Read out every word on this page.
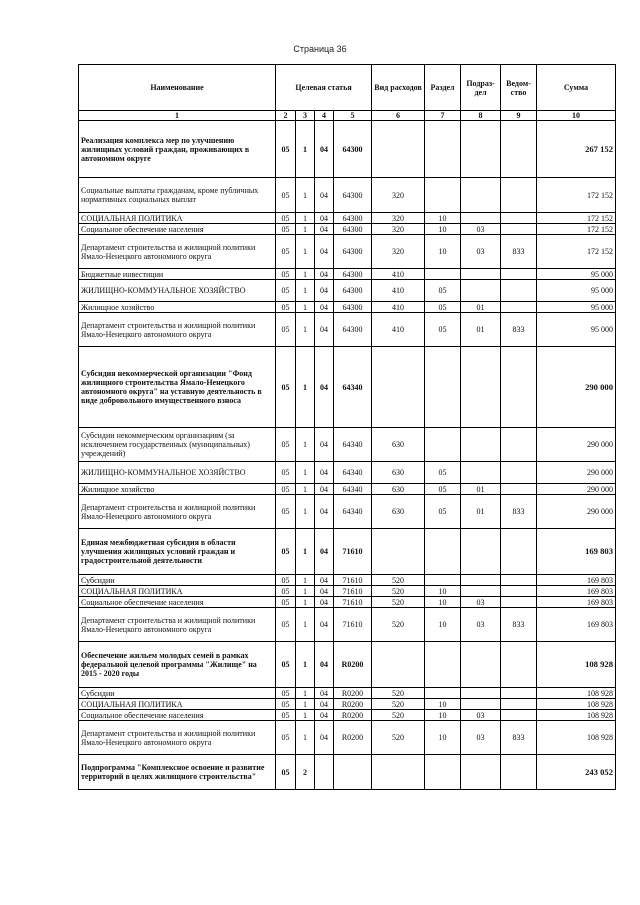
Страница 36
Наименование	Целевая статья				Вид расходов	Раздел	Подраз-дел	Ведом-ство	Сумма
1	2	3	4	5	6	7	8	9	10
Реализация комплекса мер по улучшению жилищных условий граждан, проживающих в автономном округе	05	1	04	64300					267 152
Социальные выплаты гражданам, кроме публичных нормативных социальных выплат	05	1	04	64300	320				172 152
СОЦИАЛЬНАЯ ПОЛИТИКА	05	1	04	64300	320	10			172 152
Социальное обеспечение населения	05	1	04	64300	320	10	03		172 152
Департамент строительства и жилищной политики Ямало-Ненецкого автономного округа	05	1	04	64300	320	10	03	833	172 152
Бюджетные инвестиции	05	1	04	64300	410				95 000
ЖИЛИЩНО-КОММУНАЛЬНОЕ ХОЗЯЙСТВО	05	1	04	64300	410	05			95 000
Жилищное хозяйство	05	1	04	64300	410	05	01		95 000
Департамент строительства и жилищной политики Ямало-Ненецкого автономного округа	05	1	04	64300	410	05	01	833	95 000
Субсидия некоммерческой организации "Фонд жилищного строительства Ямало-Ненецкого автономного округа" на уставную деятельность в виде добровольного имущественного взноса	05	1	04	64340					290 000
Субсидии некоммерческим организациям (за исключением государственных (муниципальных) учреждений)	05	1	04	64340	630				290 000
ЖИЛИЩНО-КОММУНАЛЬНОЕ ХОЗЯЙСТВО	05	1	04	64340	630	05			290 000
Жилищное хозяйство	05	1	04	64340	630	05	01		290 000
Департамент строительства и жилищной политики Ямало-Ненецкого автономного округа	05	1	04	64340	630	05	01	833	290 000
Единая межбюджетная субсидия в области улучшения жилищных условий граждан и градостроительной деятельности	05	1	04	71610					169 803
Субсидии	05	1	04	71610	520				169 803
СОЦИАЛЬНАЯ ПОЛИТИКА	05	1	04	71610	520	10			169 803
Социальное обеспечение населения	05	1	04	71610	520	10	03		169 803
Департамент строительства и жилищной политики Ямало-Ненецкого автономного округа	05	1	04	71610	520	10	03	833	169 803
Обеспечение жильем молодых семей в рамках федеральной целевой программы "Жилище" на 2015 - 2020 годы	05	1	04	R0200					108 928
Субсидии	05	1	04	R0200	520				108 928
СОЦИАЛЬНАЯ ПОЛИТИКА	05	1	04	R0200	520	10			108 928
Социальное обеспечение населения	05	1	04	R0200	520	10	03		108 928
Департамент строительства и жилищной политики Ямало-Ненецкого автономного округа	05	1	04	R0200	520	10	03	833	108 928
Подпрограмма "Комплексное освоение и развитие территорий в целях жилищного строительства"	05	2							243 052
